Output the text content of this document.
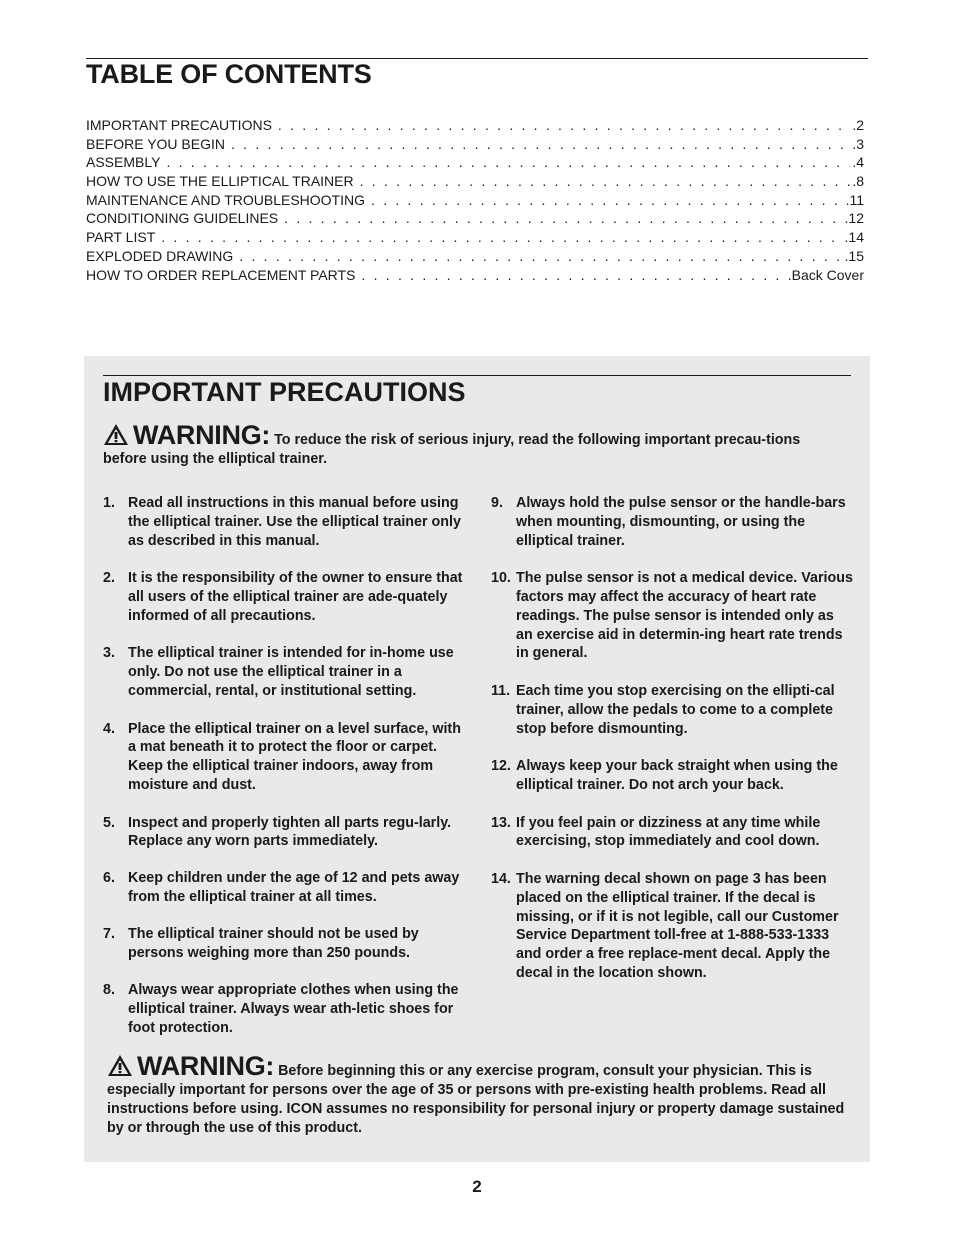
TABLE OF CONTENTS
IMPORTANT PRECAUTIONS . . .	.2
BEFORE YOU BEGIN . . .	.3
ASSEMBLY . . .	.4
HOW TO USE THE ELLIPTICAL TRAINER . . .	.8
MAINTENANCE AND TROUBLESHOOTING . . .	.11
CONDITIONING GUIDELINES . . .	.12
PART LIST . . .	.14
EXPLODED DRAWING . . .	.15
HOW TO ORDER REPLACEMENT PARTS . . .	.Back Cover
IMPORTANT PRECAUTIONS
WARNING: To reduce the risk of serious injury, read the following important precau-tions before using the elliptical trainer.
1. Read all instructions in this manual before using the elliptical trainer. Use the elliptical trainer only as described in this manual.
2. It is the responsibility of the owner to ensure that all users of the elliptical trainer are ade-quately informed of all precautions.
3. The elliptical trainer is intended for in-home use only. Do not use the elliptical trainer in a commercial, rental, or institutional setting.
4. Place the elliptical trainer on a level surface, with a mat beneath it to protect the floor or carpet. Keep the elliptical trainer indoors, away from moisture and dust.
5. Inspect and properly tighten all parts regu-larly. Replace any worn parts immediately.
6. Keep children under the age of 12 and pets away from the elliptical trainer at all times.
7. The elliptical trainer should not be used by persons weighing more than 250 pounds.
8. Always wear appropriate clothes when using the elliptical trainer. Always wear ath-letic shoes for foot protection.
9. Always hold the pulse sensor or the handle-bars when mounting, dismounting, or using the elliptical trainer.
10. The pulse sensor is not a medical device. Various factors may affect the accuracy of heart rate readings. The pulse sensor is intended only as an exercise aid in determin-ing heart rate trends in general.
11. Each time you stop exercising on the ellipti-cal trainer, allow the pedals to come to a complete stop before dismounting.
12. Always keep your back straight when using the elliptical trainer. Do not arch your back.
13. If you feel pain or dizziness at any time while exercising, stop immediately and cool down.
14. The warning decal shown on page 3 has been placed on the elliptical trainer. If the decal is missing, or if it is not legible, call our Customer Service Department toll-free at 1-888-533-1333 and order a free replace-ment decal. Apply the decal in the location shown.
WARNING: Before beginning this or any exercise program, consult your physician. This is especially important for persons over the age of 35 or persons with pre-existing health problems. Read all instructions before using. ICON assumes no responsibility for personal injury or property damage sustained by or through the use of this product.
2
